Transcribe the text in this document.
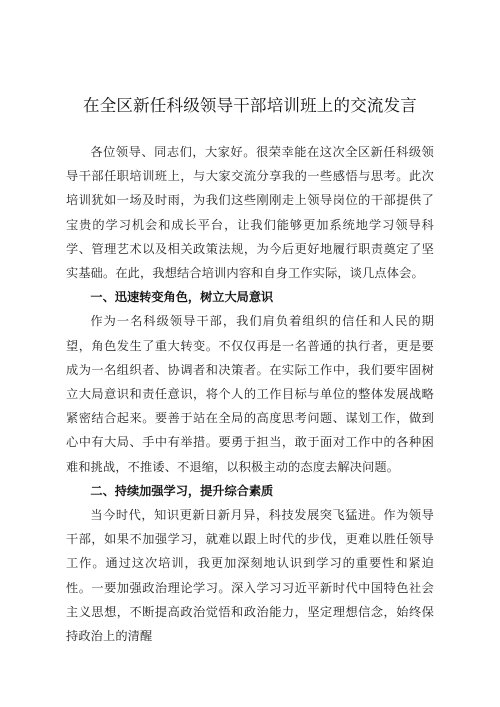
在全区新任科级领导干部培训班上的交流发言

各位领导、同志们，大家好。很荣幸能在这次全区新任科级领导干部任职培训班上，与大家交流分享我的一些感悟与思考。此次培训犹如一场及时雨，为我们这些刚刚走上领导岗位的干部提供了宝贵的学习机会和成长平台，让我们能够更加系统地学习领导科学、管理艺术以及相关政策法规，为今后更好地履行职责奠定了坚实基础。在此，我想结合培训内容和自身工作实际，谈几点体会。

一、迅速转变角色，树立大局意识

作为一名科级领导干部，我们肩负着组织的信任和人民的期望，角色发生了重大转变。不仅仅再是一名普通的执行者，更是要成为一名组织者、协调者和决策者。在实际工作中，我们要牢固树立大局意识和责任意识，将个人的工作目标与单位的整体发展战略紧密结合起来。要善于站在全局的高度思考问题、谋划工作，做到心中有大局、手中有举措。要勇于担当，敢于面对工作中的各种困难和挑战，不推诿、不退缩，以积极主动的态度去解决问题。

二、持续加强学习，提升综合素质

当今时代，知识更新日新月异，科技发展突飞猛进。作为领导干部，如果不加强学习，就难以跟上时代的步伐，更难以胜任领导工作。通过这次培训，我更加深刻地认识到学习的重要性和紧迫性。一要加强政治理论学习。深入学习习近平新时代中国特色社会主义思想，不断提高政治觉悟和政治能力，坚定理想信念，始终保持政治上的清醒
